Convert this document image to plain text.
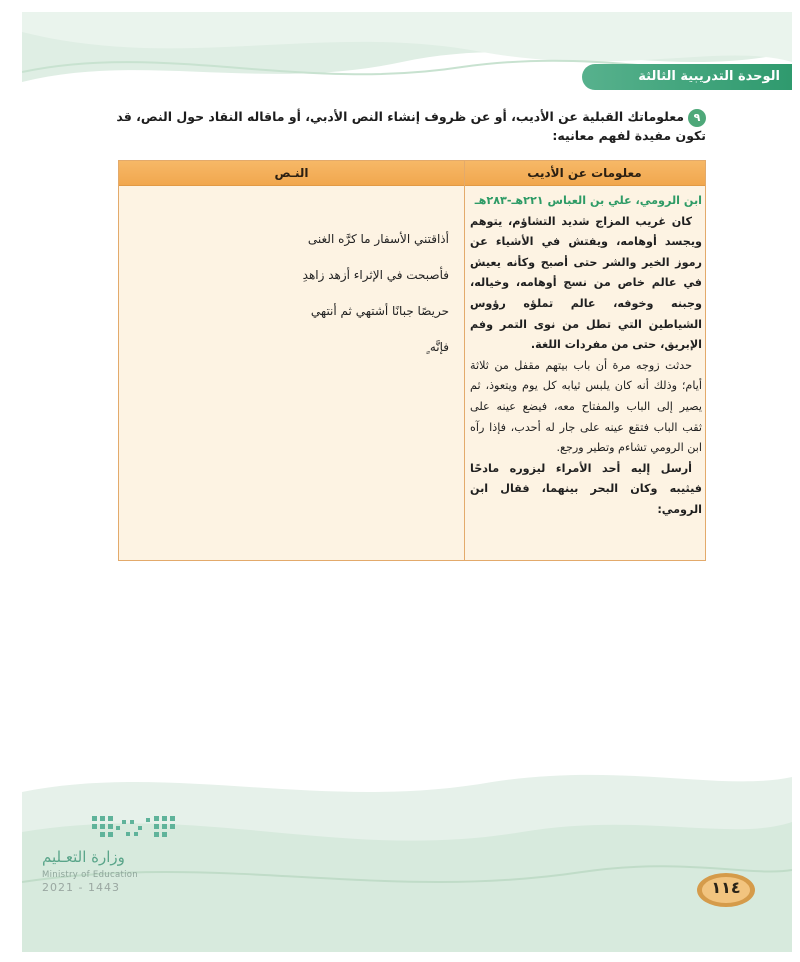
الوحدة التدريبية الثالثة
٩معلوماتك القبلية عن الأديب، أو عن ظروف إنشاء النص الأدبي، أو ماقاله النقاد حول النص، قد تكون مفيدة لفهم معانيه:
معلومات عن الأديب
النـص
ابن الرومي، علي بن العباس ٢٢١هـ-٢٨٣هـ

كان غريب المزاج شديد التشاؤم، يتوهم ويجسد أوهامه، ويفتش في الأشياء عن رموز الخير والشر حتى أصبح وكأنه يعيش في عالم خاص من نسج أوهامه، وخياله، وجبنه وخوفه، عالم تملؤه رؤوس الشياطين التي تطل من نوى التمر وفم الإبريق، حتى من مفردات اللغة.

حدثت زوجه مرة أن باب بيتهم مقفل من ثلاثة أيام؛ وذلك أنه كان يلبس ثيابه كل يوم ويتعوذ، ثم يصير إلى الباب والمفتاح معه، فيضع عينه على ثقب الباب فتقع عينه على جار له أحدب، فإذا رآه ابن الرومي تشاءم وتطير ورجع.

أرسل إليه أحد الأمراء ليزوره مادحًا فيثيبه وكان البحر بينهما، فقال ابن الرومي:

أذاقتني الأسفار ما كرَّه الغنى
فأصبحت في الإثراء أزهد زاهدِ
حريصًا جبانًا أشتهي ثم أنتهي
فإنَّه ٍ
وزارة التعـليم
Ministry of Education
2021 - 1443	١١٤
